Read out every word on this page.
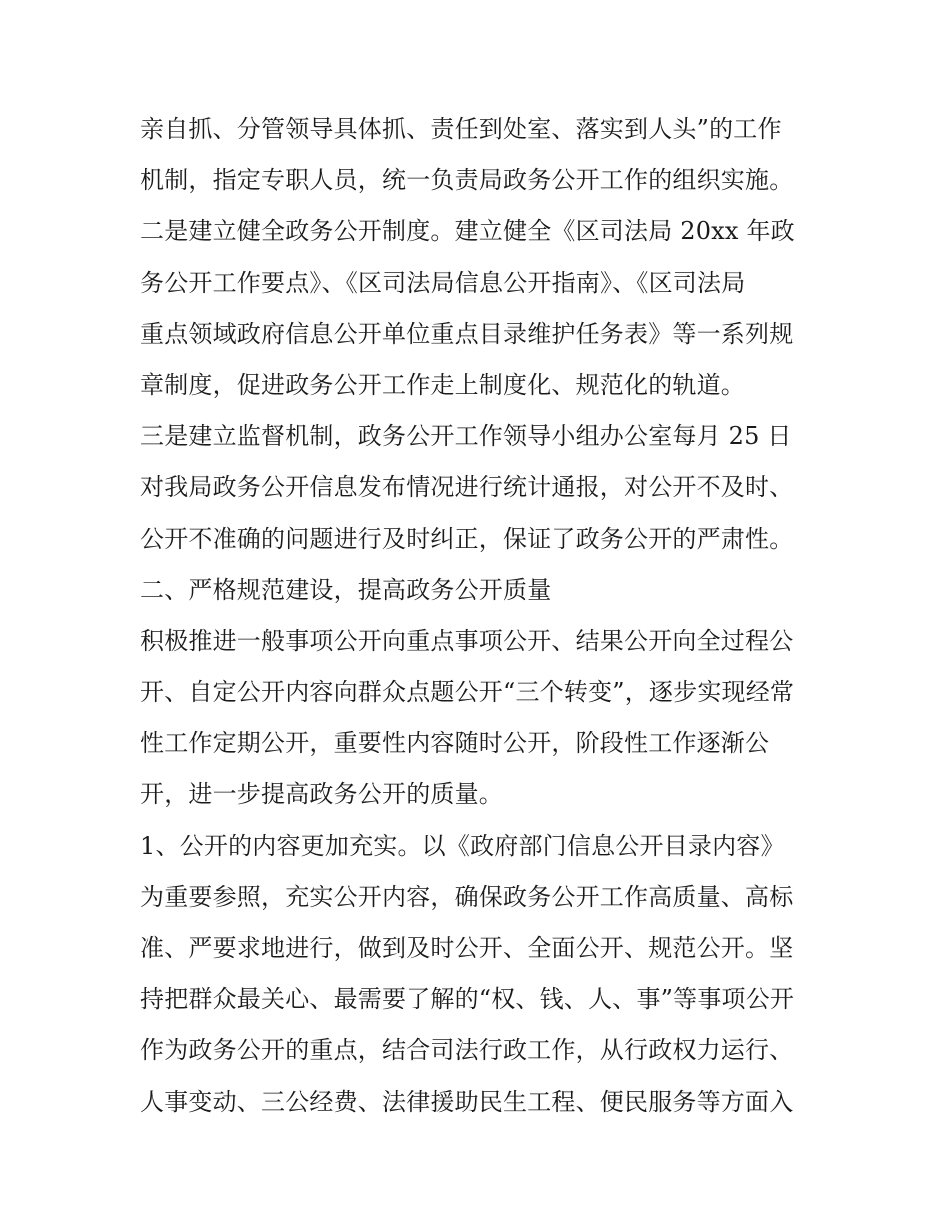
亲自抓、分管领导具体抓、责任到处室、落实到人头”的工作
机制，指定专职人员，统一负责局政务公开工作的组织实施。
二是建立健全政务公开制度。建立健全《区司法局 20xx 年政
务公开工作要点》、《区司法局信息公开指南》、《区司法局
重点领域政府信息公开单位重点目录维护任务表》等一系列规
章制度，促进政务公开工作走上制度化、规范化的轨道。
三是建立监督机制，政务公开工作领导小组办公室每月 25 日
对我局政务公开信息发布情况进行统计通报，对公开不及时、
公开不准确的问题进行及时纠正，保证了政务公开的严肃性。
二、严格规范建设，提高政务公开质量
积极推进一般事项公开向重点事项公开、结果公开向全过程公
开、自定公开内容向群众点题公开“三个转变”，逐步实现经常
性工作定期公开，重要性内容随时公开，阶段性工作逐渐公
开，进一步提高政务公开的质量。
1、公开的内容更加充实。以《政府部门信息公开目录内容》
为重要参照，充实公开内容，确保政务公开工作高质量、高标
准、严要求地进行，做到及时公开、全面公开、规范公开。坚
持把群众最关心、最需要了解的“权、钱、人、事”等事项公开
作为政务公开的重点，结合司法行政工作，从行政权力运行、
人事变动、三公经费、法律援助民生工程、便民服务等方面入
